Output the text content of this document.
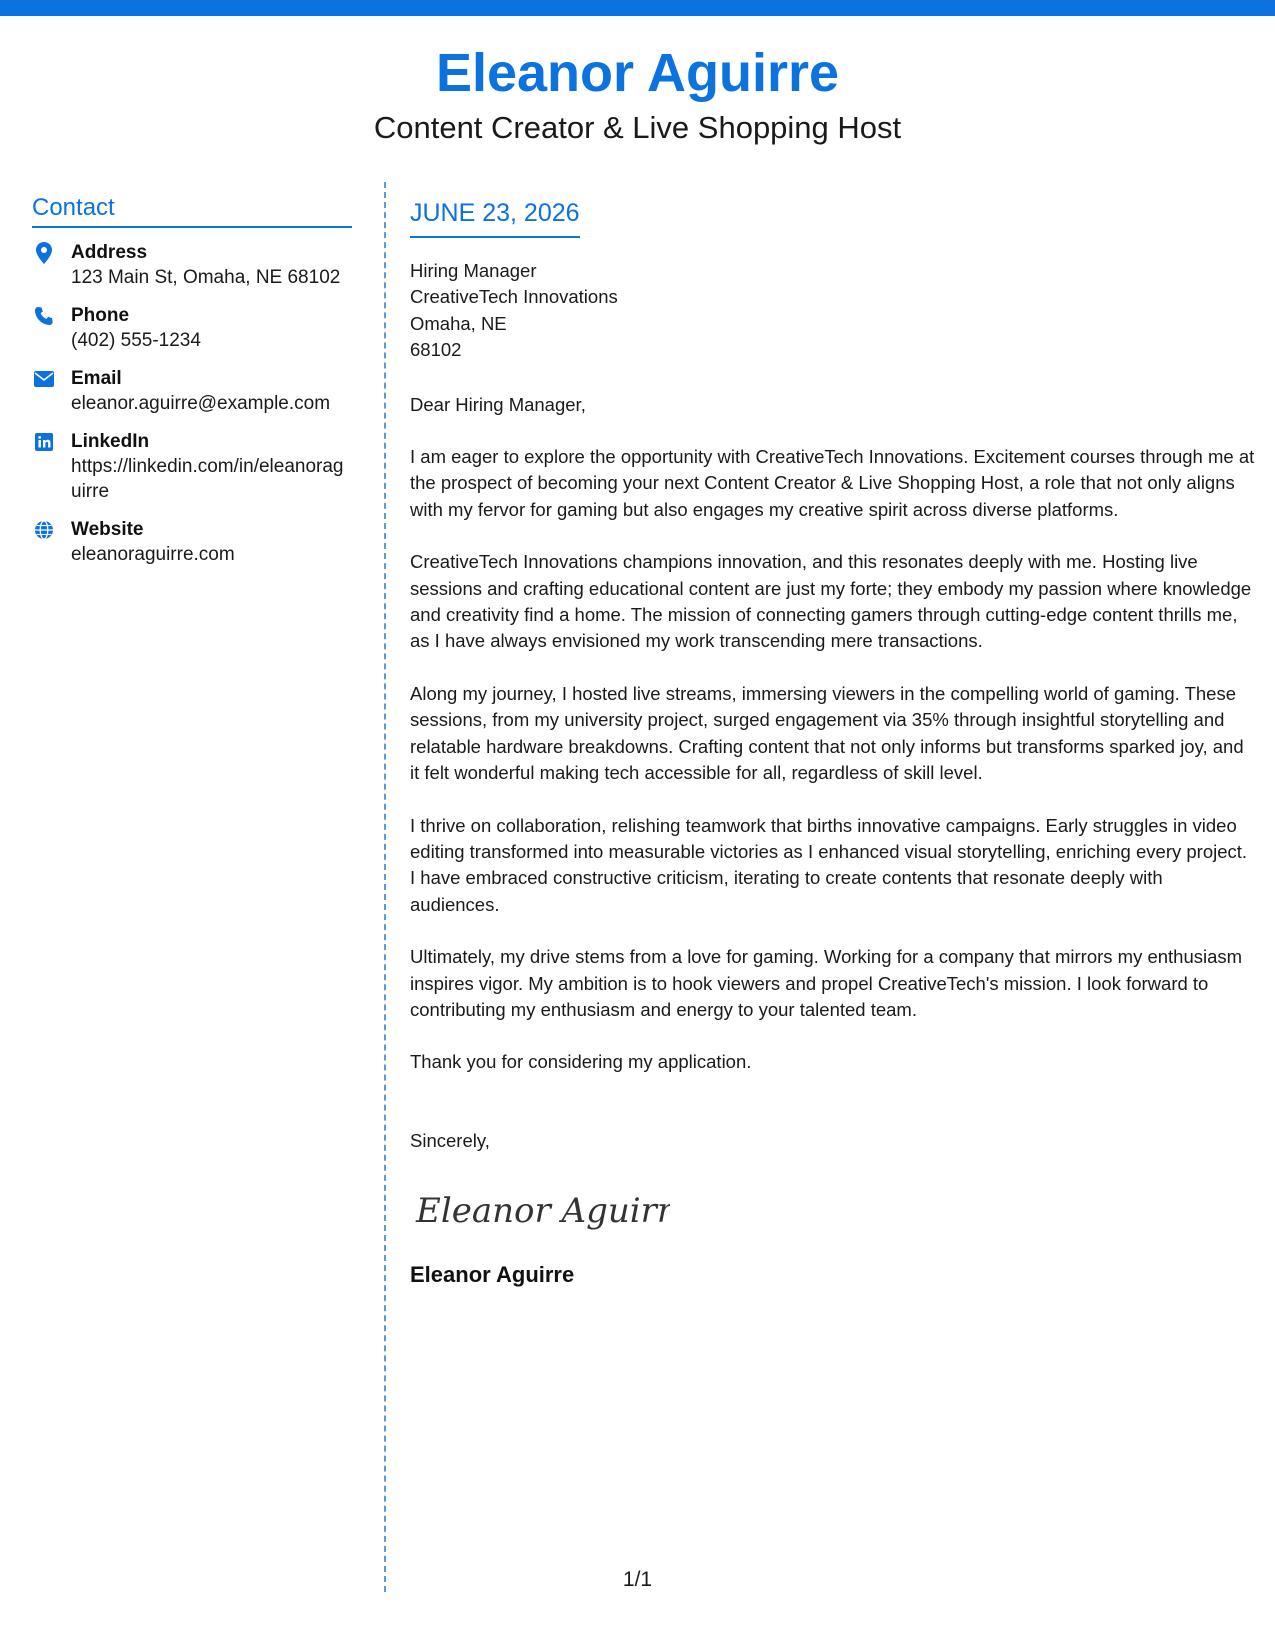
Eleanor Aguirre
Content Creator & Live Shopping Host
Contact
Address
123 Main St, Omaha, NE 68102
Phone
(402) 555-1234
Email
eleanor.aguirre@example.com
LinkedIn
https://linkedin.com/in/eleanoraguirre
Website
eleanoraguirre.com
JUNE 23, 2026
Hiring Manager
CreativeTech Innovations
Omaha, NE
68102
Dear Hiring Manager,
I am eager to explore the opportunity with CreativeTech Innovations. Excitement courses through me at the prospect of becoming your next Content Creator & Live Shopping Host, a role that not only aligns with my fervor for gaming but also engages my creative spirit across diverse platforms.
CreativeTech Innovations champions innovation, and this resonates deeply with me. Hosting live sessions and crafting educational content are just my forte; they embody my passion where knowledge and creativity find a home. The mission of connecting gamers through cutting-edge content thrills me, as I have always envisioned my work transcending mere transactions.
Along my journey, I hosted live streams, immersing viewers in the compelling world of gaming. These sessions, from my university project, surged engagement via 35% through insightful storytelling and relatable hardware breakdowns. Crafting content that not only informs but transforms sparked joy, and it felt wonderful making tech accessible for all, regardless of skill level.
I thrive on collaboration, relishing teamwork that births innovative campaigns. Early struggles in video editing transformed into measurable victories as I enhanced visual storytelling, enriching every project. I have embraced constructive criticism, iterating to create contents that resonate deeply with audiences.
Ultimately, my drive stems from a love for gaming. Working for a company that mirrors my enthusiasm inspires vigor. My ambition is to hook viewers and propel CreativeTech's mission. I look forward to contributing my enthusiasm and energy to your talented team.
Thank you for considering my application.
Sincerely,
Eleanor Aguirre
Eleanor Aguirre
1/1
